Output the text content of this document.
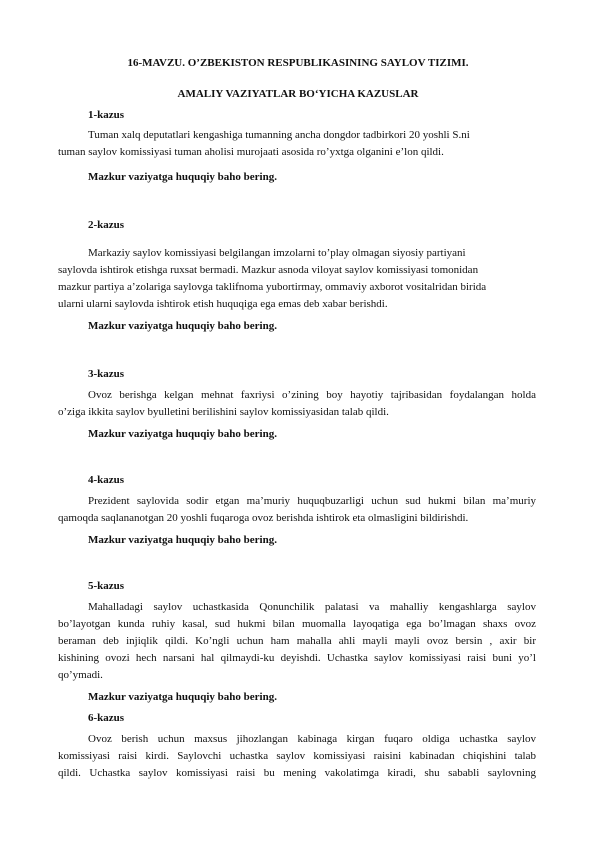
16-MAVZU. O’ZBEKISTON RESPUBLIKASINING SAYLOV TIZIMI.
AMALIY VAZIYATLAR BO‘YICHA KAZUSLAR
1-kazus
Tuman xalq deputatlari kengashiga tumanning ancha dongdor tadbirkori 20 yoshli S.ni
tuman saylov komissiyasi tuman aholisi murojaati asosida ro’yxtga olganini e’lon qildi.
Mazkur vaziyatga huquqiy baho bering.
2-kazus
Markaziy saylov komissiyasi belgilangan imzolarni to’play olmagan siyosiy partiyani
saylovda ishtirok etishga ruxsat bermadi. Mazkur asnoda viloyat saylov komissiyasi tomonidan
mazkur partiya a’zolariga saylovga taklifnoma yubortirmay, ommaviy axborot vositalridan birida
ularni ularni saylovda ishtirok etish huquqiga ega emas deb xabar berishdi.
Mazkur vaziyatga huquqiy baho bering.
3-kazus
Ovoz berishga kelgan mehnat faxriysi o’zining boy hayotiy tajribasidan foydalangan holda
o’ziga ikkita saylov byulletini berilishini saylov komissiyasidan talab qildi.
Mazkur vaziyatga huquqiy baho bering.
4-kazus
Prezident saylovida sodir etgan ma’muriy huquqbuzarligi uchun sud hukmi bilan ma’muriy
qamoqda saqlananotgan 20 yoshli fuqaroga ovoz berishda ishtirok eta olmasligini bildirishdi.
Mazkur vaziyatga huquqiy baho bering.
5-kazus
Mahalladagi saylov uchastkasida Qonunchilik palatasi va mahalliy kengashlarga saylov
bo’layotgan kunda ruhiy kasal, sud hukmi bilan muomalla layoqatiga ega bo’lmagan shaxs ovoz
beraman deb injiqlik qildi. Ko’ngli uchun ham mahalla ahli mayli mayli ovoz bersin , axir bir
kishining ovozi hech narsani hal qilmaydi-ku deyishdi. Uchastka saylov komissiyasi raisi buni yo’l
qo’ymadi.
Mazkur vaziyatga huquqiy baho bering.
6-kazus
Ovoz berish uchun maxsus jihozlangan kabinaga kirgan fuqaro oldiga uchastka saylov
komissiyasi raisi kirdi. Saylovchi uchastka saylov komissiyasi raisini kabinadan chiqishini talab
qildi. Uchastka saylov komissiyasi raisi bu mening vakolatimga kiradi, shu sababli saylovning
